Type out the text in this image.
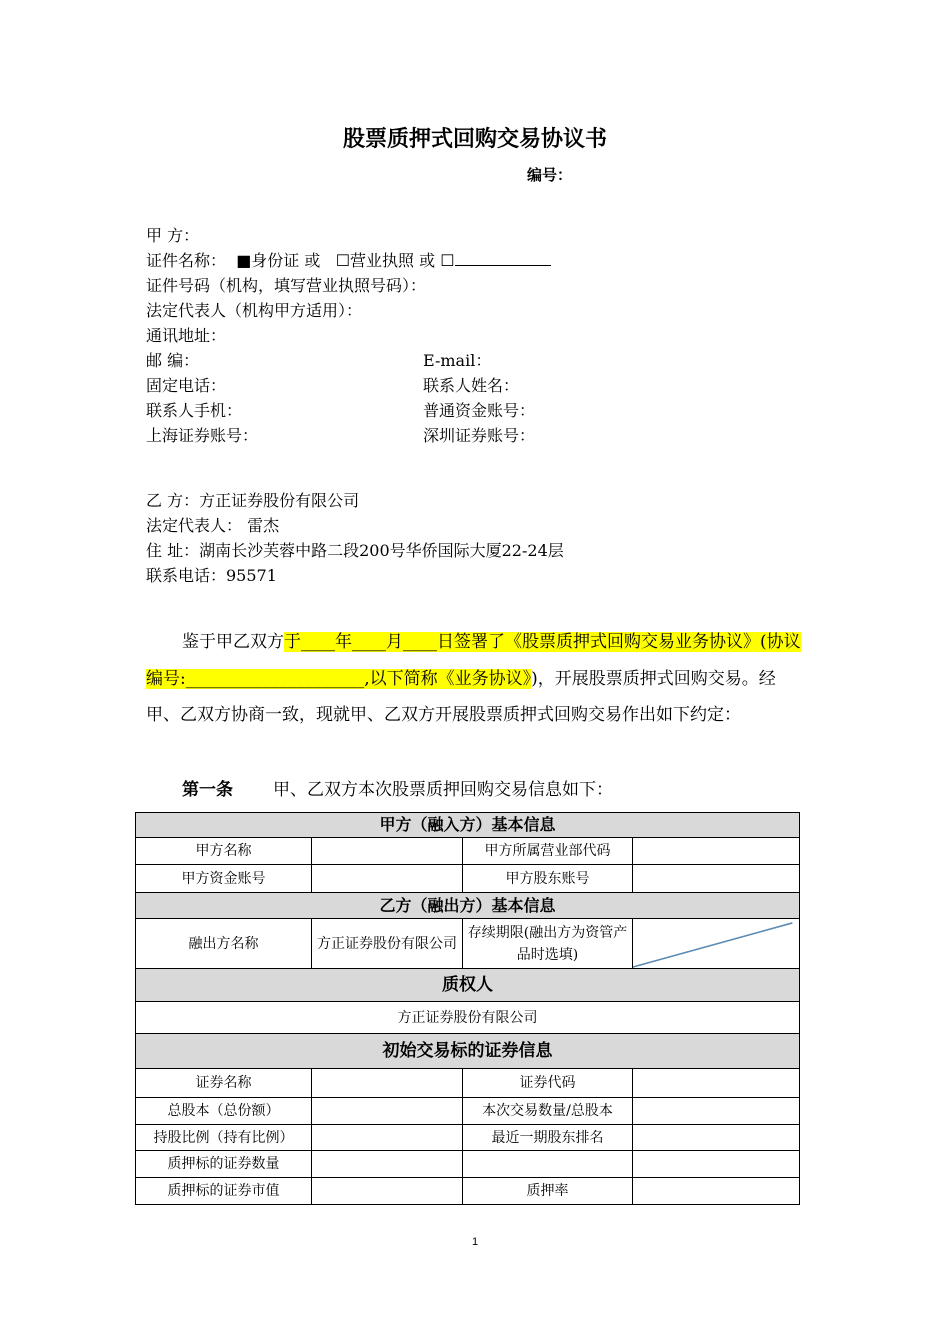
股票质押式回购交易协议书
编号：
甲 方：
证件名称： ■身份证 或 ☐营业执照 或 ☐
证件号码（机构，填写营业执照号码）：
法定代表人（机构甲方适用）：
通讯地址：
邮 编：	E-mail：
固定电话：	联系人姓名：
联系人手机：	普通资金账号：
上海证券账号：	深圳证券账号：
乙 方：方正证券股份有限公司
法定代表人： 雷杰
住 址：湖南长沙芙蓉中路二段200号华侨国际大厦22-24层
联系电话：95571

鉴于甲乙双方于____年____月____日签署了《股票质押式回购交易业务协议》(协议编号:_____________________,以下简称《业务协议》)，开展股票质押式回购交易。经甲、乙双方协商一致，现就甲、乙双方开展股票质押式回购交易作出如下约定：

第一条 甲、乙双方本次股票质押回购交易信息如下：
甲方（融入方）基本信息			
甲方名称		甲方所属营业部代码	
甲方资金账号		甲方股东账号	
乙方（融出方）基本信息			
融出方名称	方正证券股份有限公司	存续期限(融出方为资管产品时选填)	

质权人			
方正证券股份有限公司			
初始交易标的证券信息			
证券名称		证券代码	
总股本（总份额）		本次交易数量/总股本	
持股比例（持有比例）		最近一期股东排名	
质押标的证券数量			
质押标的证券市值		质押率	
1
